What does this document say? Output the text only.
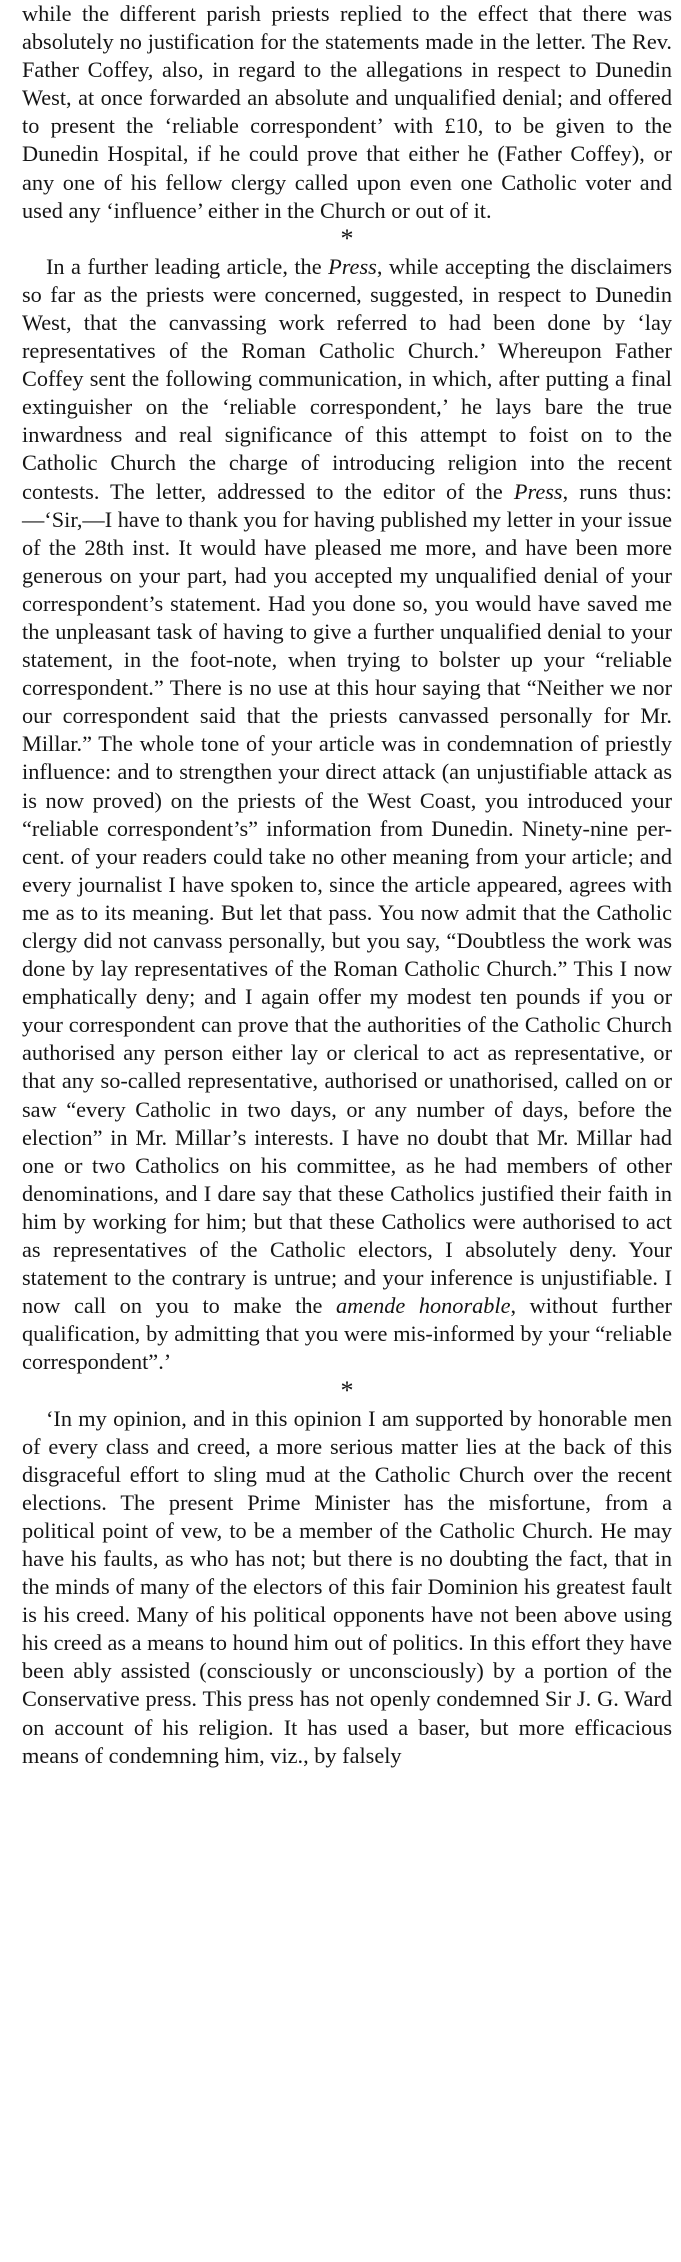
while the different parish priests replied to the effect that there was absolutely no justification for the statements made in the letter. The Rev. Father Coffey, also, in regard to the allegations in respect to Dunedin West, at once forwarded an absolute and unqualified denial; and offered to present the ‘reliable correspondent’ with £10, to be given to the Dunedin Hospital, if he could prove that either he (Father Coffey), or any one of his fellow clergy called upon even one Catholic voter and used any ‘influence’ either in the Church or out of it.

*

In a further leading article, the Press, while accepting the disclaimers so far as the priests were concerned, suggested, in respect to Dunedin West, that the canvassing work referred to had been done by ‘lay representatives of the Roman Catholic Church.’ Whereupon Father Coffey sent the following communication, in which, after putting a final extinguisher on the ‘reliable correspondent,’ he lays bare the true inwardness and real significance of this attempt to foist on to the Catholic Church the charge of introducing religion into the recent contests. The letter, addressed to the editor of the Press, runs thus:—‘Sir,—I have to thank you for having published my letter in your issue of the 28th inst. It would have pleased me more, and have been more generous on your part, had you accepted my unqualified denial of your correspondent’s statement. Had you done so, you would have saved me the unpleasant task of having to give a further unqualified denial to your statement, in the foot-note, when trying to bolster up your “reliable correspondent.” There is no use at this hour saying that “Neither we nor our correspondent said that the priests canvassed personally for Mr. Millar.” The whole tone of your article was in condemnation of priestly influence: and to strengthen your direct attack (an unjustifiable attack as is now proved) on the priests of the West Coast, you introduced your “reliable correspondent’s” information from Dunedin. Ninety-nine per-cent. of your readers could take no other meaning from your article; and every journalist I have spoken to, since the article appeared, agrees with me as to its meaning. But let that pass. You now admit that the Catholic clergy did not canvass personally, but you say, “Doubtless the work was done by lay representatives of the Roman Catholic Church.” This I now emphatically deny; and I again offer my modest ten pounds if you or your correspondent can prove that the authorities of the Catholic Church authorised any person either lay or clerical to act as representative, or that any so-called representative, authorised or unathorised, called on or saw “every Catholic in two days, or any number of days, before the election” in Mr. Millar’s interests. I have no doubt that Mr. Millar had one or two Catholics on his committee, as he had members of other denominations, and I dare say that these Catholics justified their faith in him by working for him; but that these Catholics were authorised to act as representatives of the Catholic electors, I absolutely deny. Your statement to the contrary is untrue; and your inference is unjustifiable. I now call on you to make the amende honorable, without further qualification, by admitting that you were mis-informed by your “reliable correspondent”.’

*

‘In my opinion, and in this opinion I am supported by honorable men of every class and creed, a more serious matter lies at the back of this disgraceful effort to sling mud at the Catholic Church over the recent elections. The present Prime Minister has the misfortune, from a political point of vew, to be a member of the Catholic Church. He may have his faults, as who has not; but there is no doubting the fact, that in the minds of many of the electors of this fair Dominion his greatest fault is his creed. Many of his political opponents have not been above using his creed as a means to hound him out of politics. In this effort they have been ably assisted (consciously or unconsciously) by a portion of the Conservative press. This press has not openly condemned Sir J. G. Ward on account of his religion. It has used a baser, but more efficacious means of condemning him, viz., by falsely
